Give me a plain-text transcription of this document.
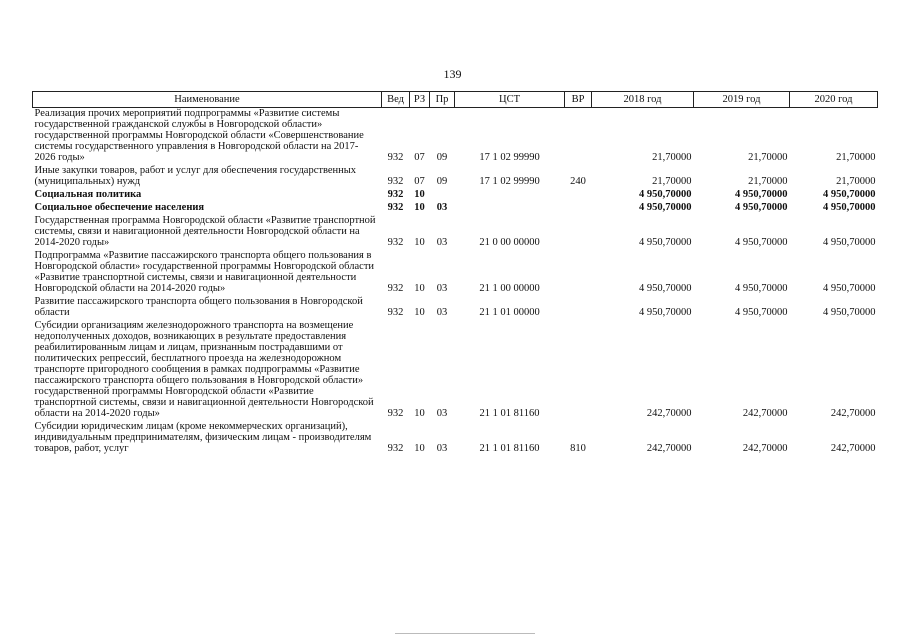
139
Наименование	Вед	РЗ	Пр	ЦСТ	ВР	2018 год	2019 год	2020 год
Реализация прочих мероприятий подпрограммы «Развитие системы государственной гражданской службы в Новгородской области» государственной программы Новгородской области «Совершенствование системы государственного управления в Новгородской области на 2017-2026 годы»	932	07	09	17 1 02 99990		21,70000	21,70000	21,70000
Иные закупки товаров, работ и услуг для обеспечения государственных (муниципальных) нужд	932	07	09	17 1 02 99990	240	21,70000	21,70000	21,70000
Социальная политика	932	10				4 950,70000	4 950,70000	4 950,70000
Социальное обеспечение населения	932	10	03			4 950,70000	4 950,70000	4 950,70000
Государственная программа Новгородской области «Развитие транспортной системы, связи и навигационной деятельности Новгородской области на 2014-2020 годы»	932	10	03	21 0 00 00000		4 950,70000	4 950,70000	4 950,70000
Подпрограмма «Развитие пассажирского транспорта общего пользования в Новгородской области» государственной программы Новгородской области «Развитие транспортной системы, связи и навигационной деятельности Новгородской области на 2014-2020 годы»	932	10	03	21 1 00 00000		4 950,70000	4 950,70000	4 950,70000
Развитие пассажирского транспорта общего пользования в Новгородской области	932	10	03	21 1 01 00000		4 950,70000	4 950,70000	4 950,70000
Субсидии организациям железнодорожного транспорта на возмещение недополученных доходов, возникающих в результате предоставления реабилитированным лицам и лицам, признанным пострадавшими от политических репрессий, бесплатного проезда на железнодорожном транспорте пригородного сообщения в рамках подпрограммы «Развитие пассажирского транспорта общего пользования в Новгородской области» государственной программы Новгородской области «Развитие транспортной системы, связи и навигационной деятельности Новгородской области на 2014-2020 годы»	932	10	03	21 1 01 81160		242,70000	242,70000	242,70000
Субсидии юридическим лицам (кроме некоммерческих организаций), индивидуальным предпринимателям, физическим лицам - производителям товаров, работ, услуг	932	10	03	21 1 01 81160	810	242,70000	242,70000	242,70000
